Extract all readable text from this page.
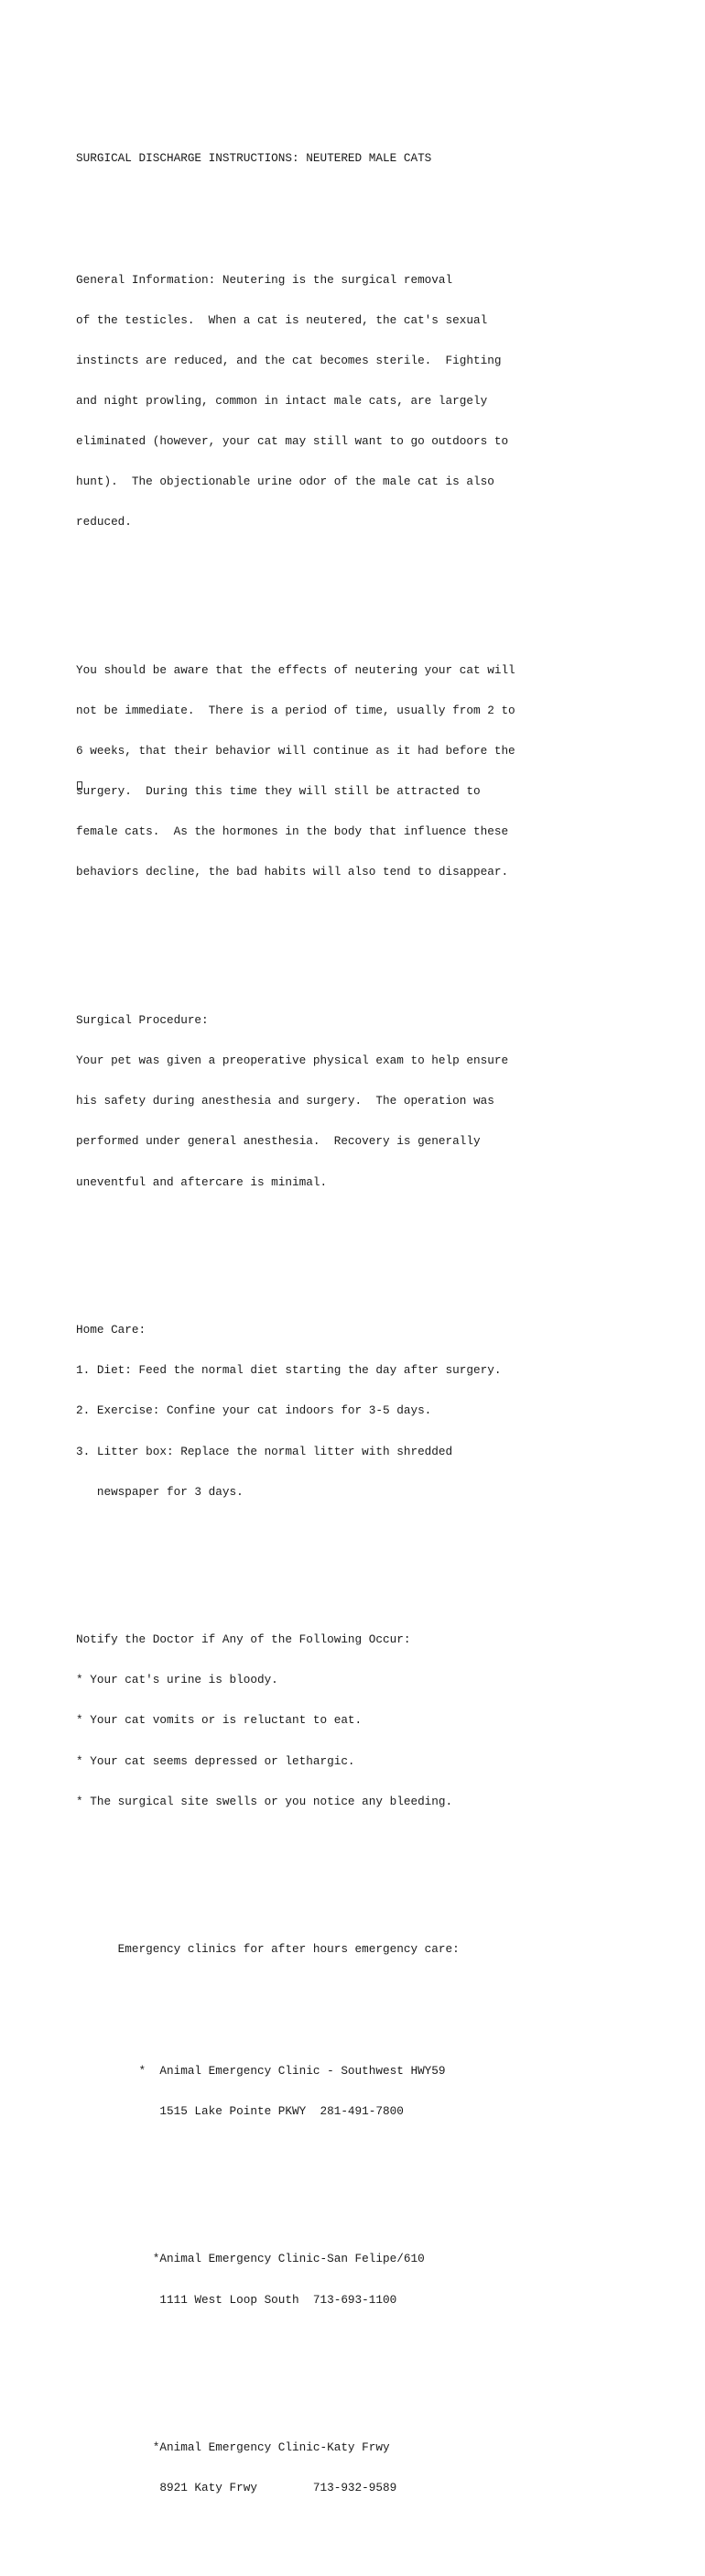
SURGICAL DISCHARGE INSTRUCTIONS: NEUTERED MALE CATS

General Information: Neutering is the surgical removal

of the testicles.  When a cat is neutered, the cat's sexual

instincts are reduced, and the cat becomes sterile.  Fighting

and night prowling, common in intact male cats, are largely

eliminated (however, your cat may still want to go outdoors to

hunt).  The objectionable urine odor of the male cat is also

reduced.

You should be aware that the effects of neutering your cat will

not be immediate.  There is a period of time, usually from 2 to

6 weeks, that their behavior will continue as it had before the

surgery.  During this time they will still be attracted to

female cats.  As the hormones in the body that influence these

behaviors decline, the bad habits will also tend to disappear.

Surgical Procedure:

Your pet was given a preoperative physical exam to help ensure

his safety during anesthesia and surgery.  The operation was

performed under general anesthesia.  Recovery is generally

uneventful and aftercare is minimal.

Home Care:

1. Diet: Feed the normal diet starting the day after surgery.

2. Exercise: Confine your cat indoors for 3-5 days.

3. Litter box: Replace the normal litter with shredded

newspaper for 3 days.

Notify the Doctor if Any of the Following Occur:

* Your cat's urine is bloody.

* Your cat vomits or is reluctant to eat.

* Your cat seems depressed or lethargic.

* The surgical site swells or you notice any bleeding.

Emergency clinics for after hours emergency care:

*  Animal Emergency Clinic - Southwest HWY59

1515 Lake Pointe PKWY  281-491-7800

*Animal Emergency Clinic-San Felipe/610

1111 West Loop South  713-693-1100

*Animal Emergency Clinic-Katy Frwy

8921 Katy Frwy        713-932-9589
